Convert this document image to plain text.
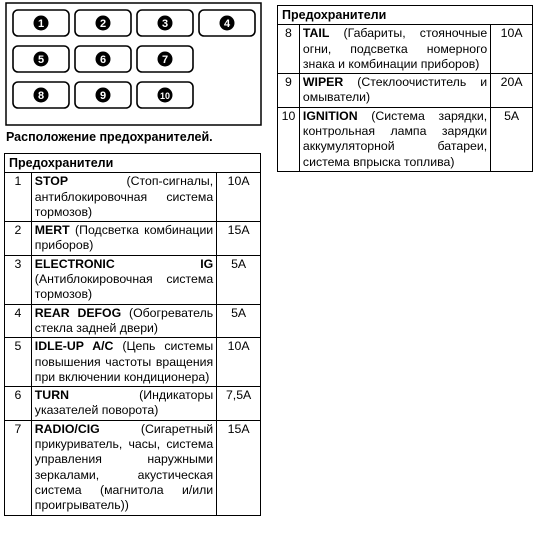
1	2	3	4
5	6	7
8	9	10
Расположение предохранителей.
Предохранители		
1	STOP (Стоп-сигналы, антиблокировочная система тормозов)	10A
2	MERT (Подсветка комбинации приборов)	15A
3	ELECTRONIC IG (Антиблокировочная система тормозов)	5A
4	REAR DEFOG (Обогреватель стекла задней двери)	5A
5	IDLE-UP A/C (Цепь системы повышения частоты вращения при включении кондиционера)	10A
6	TURN (Индикаторы указателей поворота)	7,5A
7	RADIO/CIG (Сигаретный прикуриватель, часы, система управления наружными зеркалами, акустическая система (магнитола и/или проигрыватель))	15A
Предохранители		
8	TAIL (Габариты, стояночные огни, подсветка номерного знака и комбинации приборов)	10A
9	WIPER (Стеклоочиститель и омыватели)	20A
10	IGNITION (Система зарядки, контрольная лампа зарядки аккумуляторной батареи, система впрыска топлива)	5A
